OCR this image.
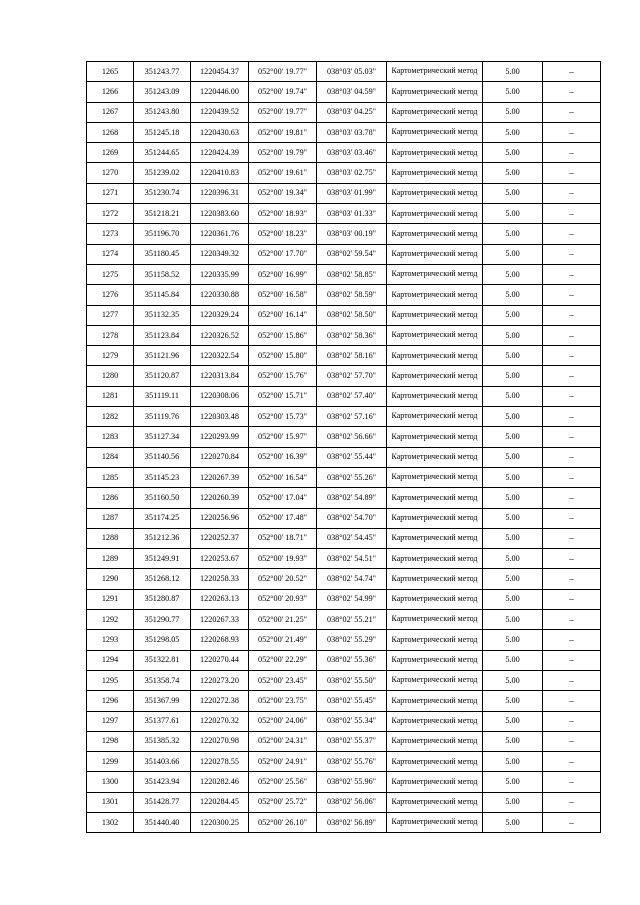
1265	351243.77	1220454.37	052°00' 19.77"	038°03' 05.03"	Картометрический метод	5.00	–
1266	351243.09	1220446.00	052°00' 19.74"	038°03' 04.59"	Картометрический метод	5.00	–
1267	351243.80	1220439.52	052°00' 19.77"	038°03' 04.25"	Картометрический метод	5.00	–
1268	351245.18	1220430.63	052°00' 19.81"	038°03' 03.78"	Картометрический метод	5.00	–
1269	351244.65	1220424.39	052°00' 19.79"	038°03' 03.46"	Картометрический метод	5.00	–
1270	351239.02	1220410.83	052°00' 19.61"	038°03' 02.75"	Картометрический метод	5.00	–
1271	351230.74	1220396.31	052°00' 19.34"	038°03' 01.99"	Картометрический метод	5.00	–
1272	351218.21	1220383.60	052°00' 18.93"	038°03' 01.33"	Картометрический метод	5.00	–
1273	351196.70	1220361.76	052°00' 18.23"	038°03' 00.19"	Картометрический метод	5.00	–
1274	351180.45	1220349.32	052°00' 17.70"	038°02' 59.54"	Картометрический метод	5.00	–
1275	351158.52	1220335.99	052°00' 16.99"	038°02' 58.85"	Картометрический метод	5.00	–
1276	351145.84	1220330.88	052°00' 16.58"	038°02' 58.59"	Картометрический метод	5.00	–
1277	351132.35	1220329.24	052°00' 16.14"	038°02' 58.50"	Картометрический метод	5.00	–
1278	351123.84	1220326.52	052°00' 15.86"	038°02' 58.36"	Картометрический метод	5.00	–
1279	351121.96	1220322.54	052°00' 15.80"	038°02' 58.16"	Картометрический метод	5.00	–
1280	351120.87	1220313.84	052°00' 15.76"	038°02' 57.70"	Картометрический метод	5.00	–
1281	351119.11	1220308.06	052°00' 15.71"	038°02' 57.40"	Картометрический метод	5.00	–
1282	351119.76	1220303.48	052°00' 15.73"	038°02' 57.16"	Картометрический метод	5.00	–
1283	351127.34	1220293.99	052°00' 15.97"	038°02' 56.66"	Картометрический метод	5.00	–
1284	351140.56	1220270.84	052°00' 16.39"	038°02' 55.44"	Картометрический метод	5.00	–
1285	351145.23	1220267.39	052°00' 16.54"	038°02' 55.26"	Картометрический метод	5.00	–
1286	351160.50	1220260.39	052°00' 17.04"	038°02' 54.89"	Картометрический метод	5.00	–
1287	351174.25	1220256.96	052°00' 17.48"	038°02' 54.70"	Картометрический метод	5.00	–
1288	351212.36	1220252.37	052°00' 18.71"	038°02' 54.45"	Картометрический метод	5.00	–
1289	351249.91	1220253.67	052°00' 19.93"	038°02' 54.51"	Картометрический метод	5.00	–
1290	351268.12	1220258.33	052°00' 20.52"	038°02' 54.74"	Картометрический метод	5.00	–
1291	351280.87	1220263.13	052°00' 20.93"	038°02' 54.99"	Картометрический метод	5.00	–
1292	351290.77	1220267.33	052°00' 21.25"	038°02' 55.21"	Картометрический метод	5.00	–
1293	351298.05	1220268.93	052°00' 21.49"	038°02' 55.29"	Картометрический метод	5.00	–
1294	351322.81	1220270.44	052°00' 22.29"	038°02' 55.36"	Картометрический метод	5.00	–
1295	351358.74	1220273.20	052°00' 23.45"	038°02' 55.50"	Картометрический метод	5.00	–
1296	351367.99	1220272.38	052°00' 23.75"	038°02' 55.45"	Картометрический метод	5.00	–
1297	351377.61	1220270.32	052°00' 24.06"	038°02' 55.34"	Картометрический метод	5.00	–
1298	351385.32	1220270.98	052°00' 24.31"	038°02' 55.37"	Картометрический метод	5.00	–
1299	351403.66	1220278.55	052°00' 24.91"	038°02' 55.76"	Картометрический метод	5.00	–
1300	351423.94	1220282.46	052°00' 25.56"	038°02' 55.96"	Картометрический метод	5.00	–
1301	351428.77	1220284.45	052°00' 25.72"	038°02' 56.06"	Картометрический метод	5.00	–
1302	351440.40	1220300.25	052°00' 26.10"	038°02' 56.89"	Картометрический метод	5.00	–
